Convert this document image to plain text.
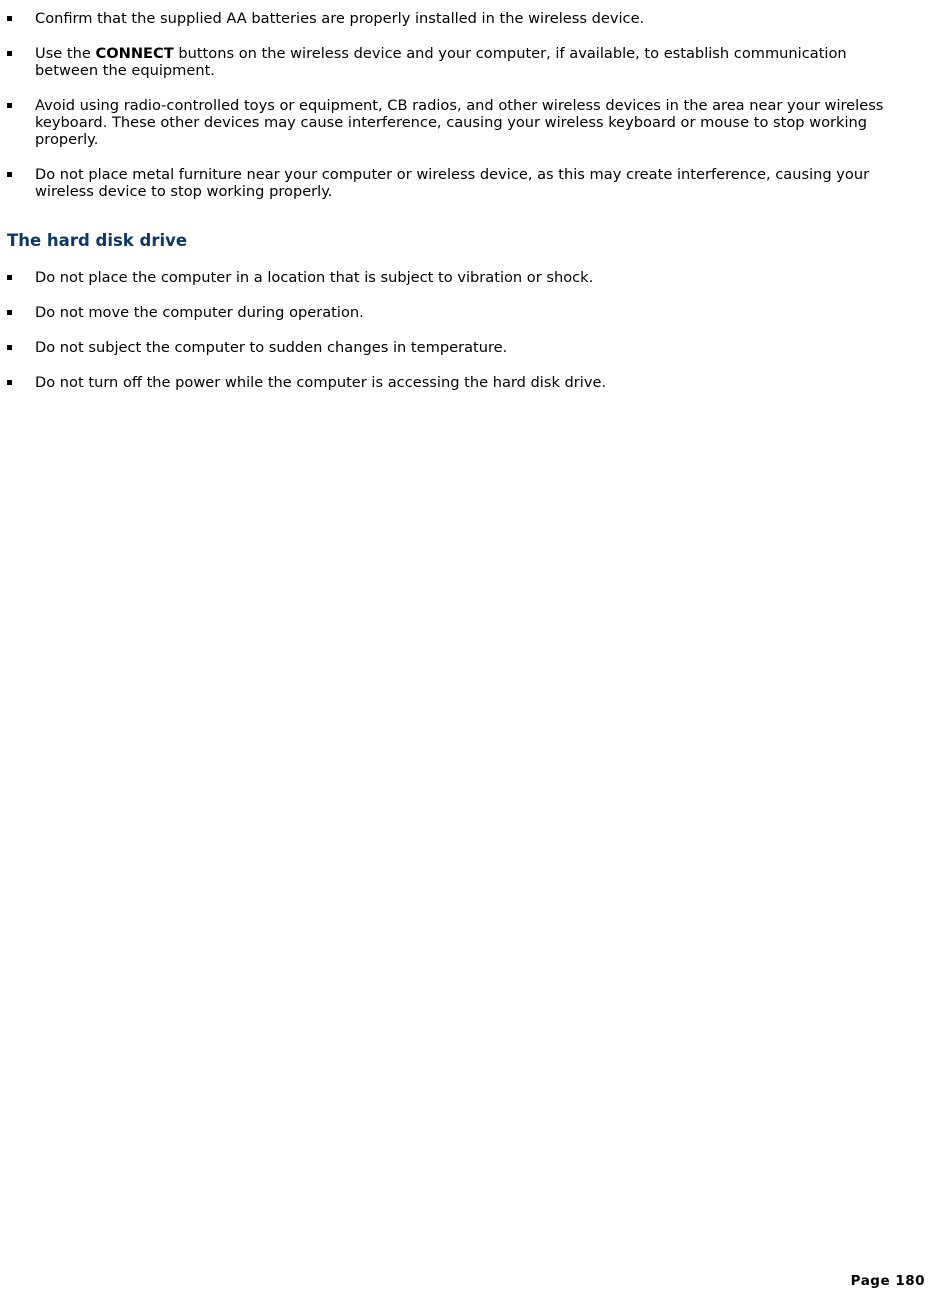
Confirm that the supplied AA batteries are properly installed in the wireless device.
Use the CONNECT buttons on the wireless device and your computer, if available, to establish communication between the equipment.
Avoid using radio-controlled toys or equipment, CB radios, and other wireless devices in the area near your wireless keyboard. These other devices may cause interference, causing your wireless keyboard or mouse to stop working properly.
Do not place metal furniture near your computer or wireless device, as this may create interference, causing your wireless device to stop working properly.
The hard disk drive
Do not place the computer in a location that is subject to vibration or shock.
Do not move the computer during operation.
Do not subject the computer to sudden changes in temperature.
Do not turn off the power while the computer is accessing the hard disk drive.
Page 180
